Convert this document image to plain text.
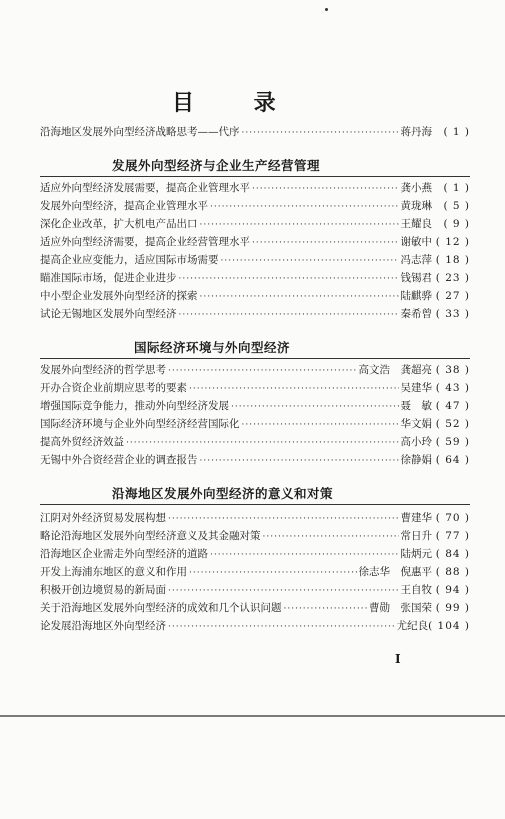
目 录
沿海地区发展外向型经济战略思考——代序 ·····	蒋丹海	( 1 )
发展外向型经济与企业生产经营管理
适应外向型经济发展需要，提高企业管理水平 ·····	龚小燕	( 1 )
发展外向型经济，提高企业管理水平 ·····	黄珑琳	( 5 )
深化企业改革，扩大机电产品出口 ·····	王耀良	( 9 )
适应外向型经济需要，提高企业经营管理水平 ·····	谢敏中 ( 12 )
提高企业应变能力，适应国际市场需要 ·····	冯志萍 ( 18 )
瞄准国际市场，促进企业进步 ·····	钱锡君 ( 23 )
中小型企业发展外向型经济的探索 ·····	陆麒骅 ( 27 )
试论无锡地区发展外向型经济 ·····	秦希曾 ( 33 )
国际经济环境与外向型经济
发展外向型经济的哲学思考 ·····	高文浩　龚超亮 ( 38 )
开办合资企业前期应思考的要素 ·····	吴建华 ( 43 )
增强国际竞争能力，推动外向型经济发展 ·····	聂　敏 ( 47 )
国际经济环境与企业外向型经济经营国际化 ·····	华文娟 ( 52 )
提高外贸经济效益 ·····	高小玲 ( 59 )
无锡中外合资经营企业的调查报告 ·····	徐静娟 ( 64 )
沿海地区发展外向型经济的意义和对策
江阴对外经济贸易发展构想 ·····	曹建华 ( 70 )
略论沿海地区发展外向型经济意义及其金融对策 ·····	常日升 ( 77 )
沿海地区企业需走外向型经济的道路 ·····	陆炳元 ( 84 )
开发上海浦东地区的意义和作用 ·····	徐志华　倪惠平 ( 88 )
积极开创边境贸易的新局面 ·····	王自牧 ( 94 )
关于沿海地区发展外向型经济的成效和几个认识问题 ·····	曹勋　张国荣 ( 99 )
论发展沿海地区外向型经济 ·····	尤纪良 ( 104 )
I
